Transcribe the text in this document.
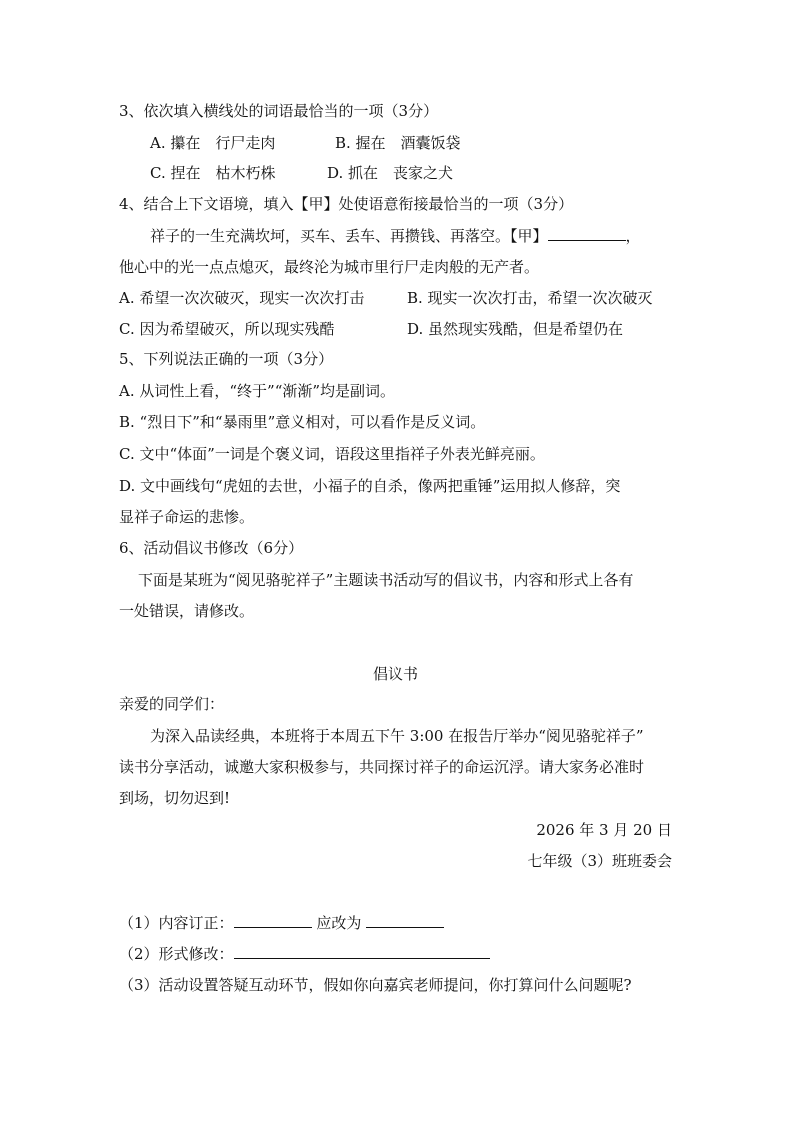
3、依次填入横线处的词语最恰当的一项（3分）
A. 攥在　行尸走肉	B. 握在　酒囊饭袋
C. 捏在　枯木朽株	D. 抓在　丧家之犬
4、结合上下文语境，填入【甲】处使语意衔接最恰当的一项（3分）
祥子的一生充满坎坷，买车、丢车、再攒钱、再落空。【甲】	，
他心中的光一点点熄灭，最终沦为城市里行尸走肉般的无产者。
A. 希望一次次破灭，现实一次次打击	B. 现实一次次打击，希望一次次破灭
C. 因为希望破灭，所以现实残酷	D. 虽然现实残酷，但是希望仍在
5、下列说法正确的一项（3分）
A. 从词性上看，“终于”“渐渐”均是副词。
B. “烈日下”和“暴雨里”意义相对，可以看作是反义词。
C. 文中“体面”一词是个褒义词，语段这里指祥子外表光鲜亮丽。
D. 文中画线句“虎妞的去世，小福子的自杀，像两把重锤”运用拟人修辞，突
显祥子命运的悲惨。
6、活动倡议书修改（6分）
下面是某班为“阅见骆驼祥子”主题读书活动写的倡议书，内容和形式上各有
一处错误，请修改。
倡议书
亲爱的同学们：
为深入品读经典，本班将于本周五下午 3:00 在报告厅举办“阅见骆驼祥子”
读书分享活动，诚邀大家积极参与，共同探讨祥子的命运沉浮。请大家务必准时
到场，切勿迟到!
2026 年 3 月 20 日
七年级（3）班班委会
（1）内容订正：	应改为
（2）形式修改：
（3）活动设置答疑互动环节，假如你向嘉宾老师提问，你打算问什么问题呢?
